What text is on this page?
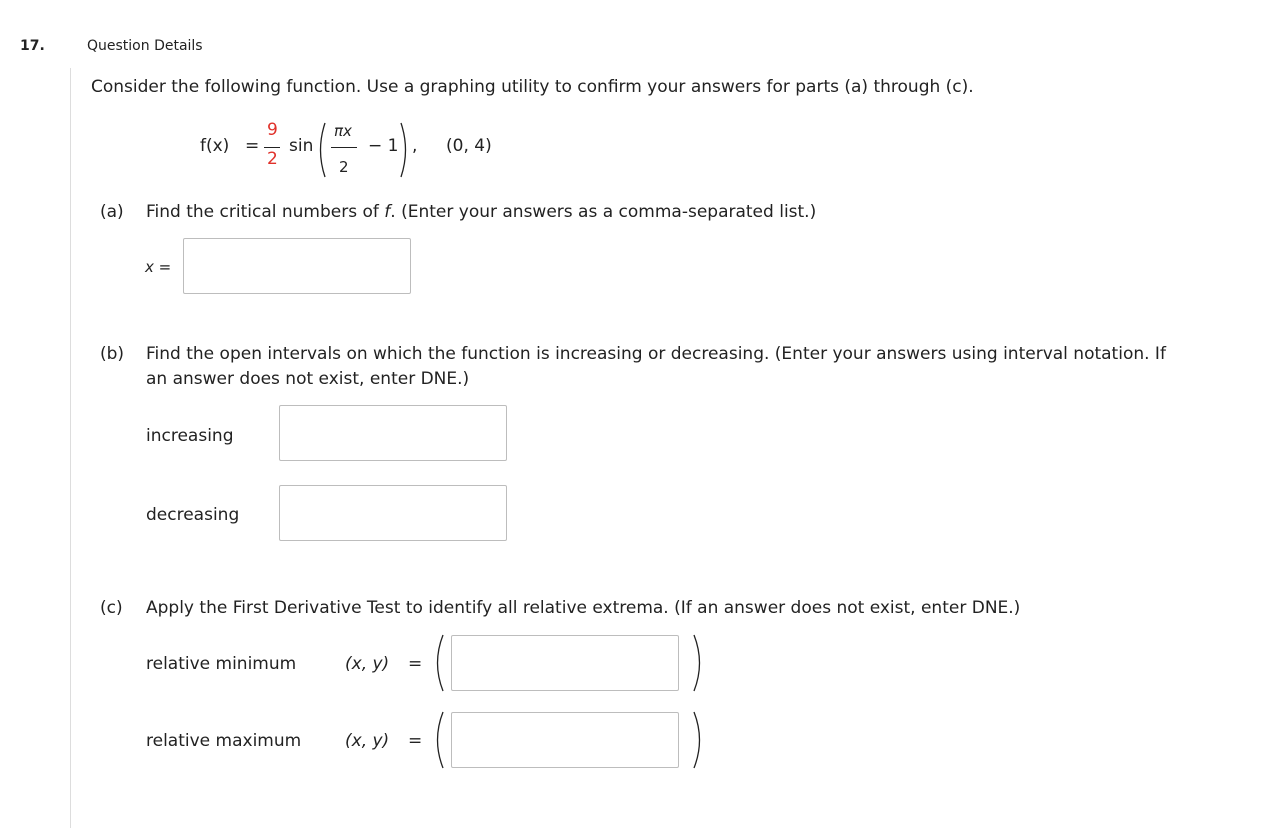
17.	Question Details
Consider the following function. Use a graphing utility to confirm your answers for parts (a) through (c).
f(x) =
9
2
sin
πx
2
− 1 , (0, 4)
(a) Find the critical numbers of f. (Enter your answers as a comma-separated list.)
x =
(b) Find the open intervals on which the function is increasing or decreasing. (Enter your answers using interval notation. If
an answer does not exist, enter DNE.)
increasing
decreasing
(c) Apply the First Derivative Test to identify all relative extrema. (If an answer does not exist, enter DNE.)
relative minimum	(x, y) =
relative maximum	(x, y) =
